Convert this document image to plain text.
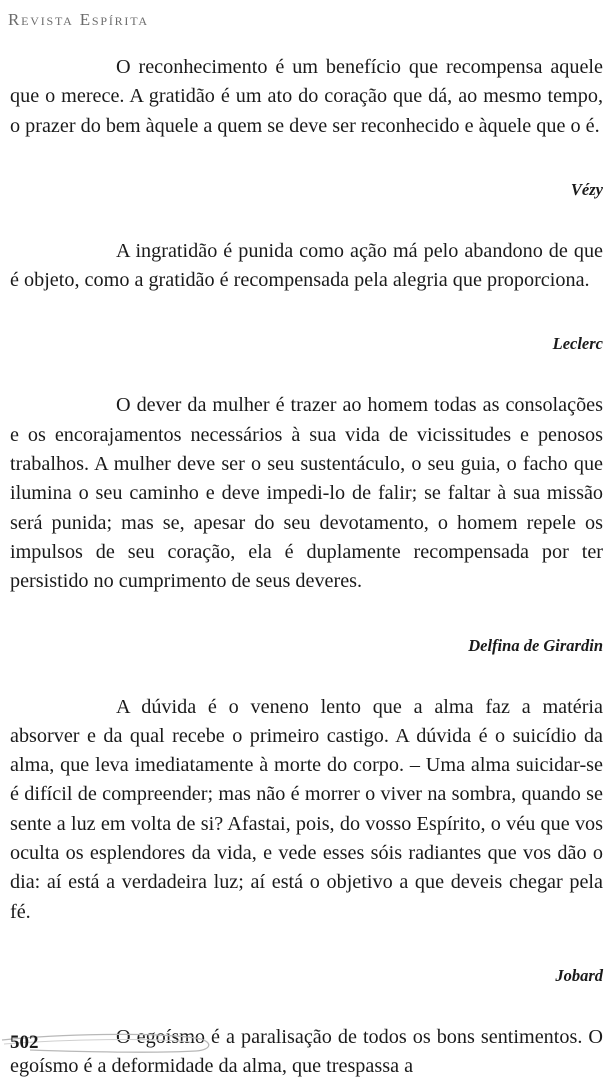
Revista Espírita

O reconhecimento é um benefício que recompensa aquele que o merece. A gratidão é um ato do coração que dá, ao mesmo tempo, o prazer do bem àquele a quem se deve ser reconhecido e àquele que o é.

Vézy

A ingratidão é punida como ação má pelo abandono de que é objeto, como a gratidão é recompensada pela alegria que proporciona.

Leclerc

O dever da mulher é trazer ao homem todas as consolações e os encorajamentos necessários à sua vida de vicissitudes e penosos trabalhos. A mulher deve ser o seu sustentáculo, o seu guia, o facho que ilumina o seu caminho e deve impedi-lo de falir; se faltar à sua missão será punida; mas se, apesar do seu devotamento, o homem repele os impulsos de seu coração, ela é duplamente recompensada por ter persistido no cumprimento de seus deveres.

Delfina de Girardin

A dúvida é o veneno lento que a alma faz a matéria absorver e da qual recebe o primeiro castigo. A dúvida é o suicídio da alma, que leva imediatamente à morte do corpo. – Uma alma suicidar-se é difícil de compreender; mas não é morrer o viver na sombra, quando se sente a luz em volta de si? Afastai, pois, do vosso Espírito, o véu que vos oculta os esplendores da vida, e vede esses sóis radiantes que vos dão o dia: aí está a verdadeira luz; aí está o objetivo a que deveis chegar pela fé.

Jobard

O egoísmo é a paralisação de todos os bons sentimentos. O egoísmo é a deformidade da alma, que trespassa a

502
